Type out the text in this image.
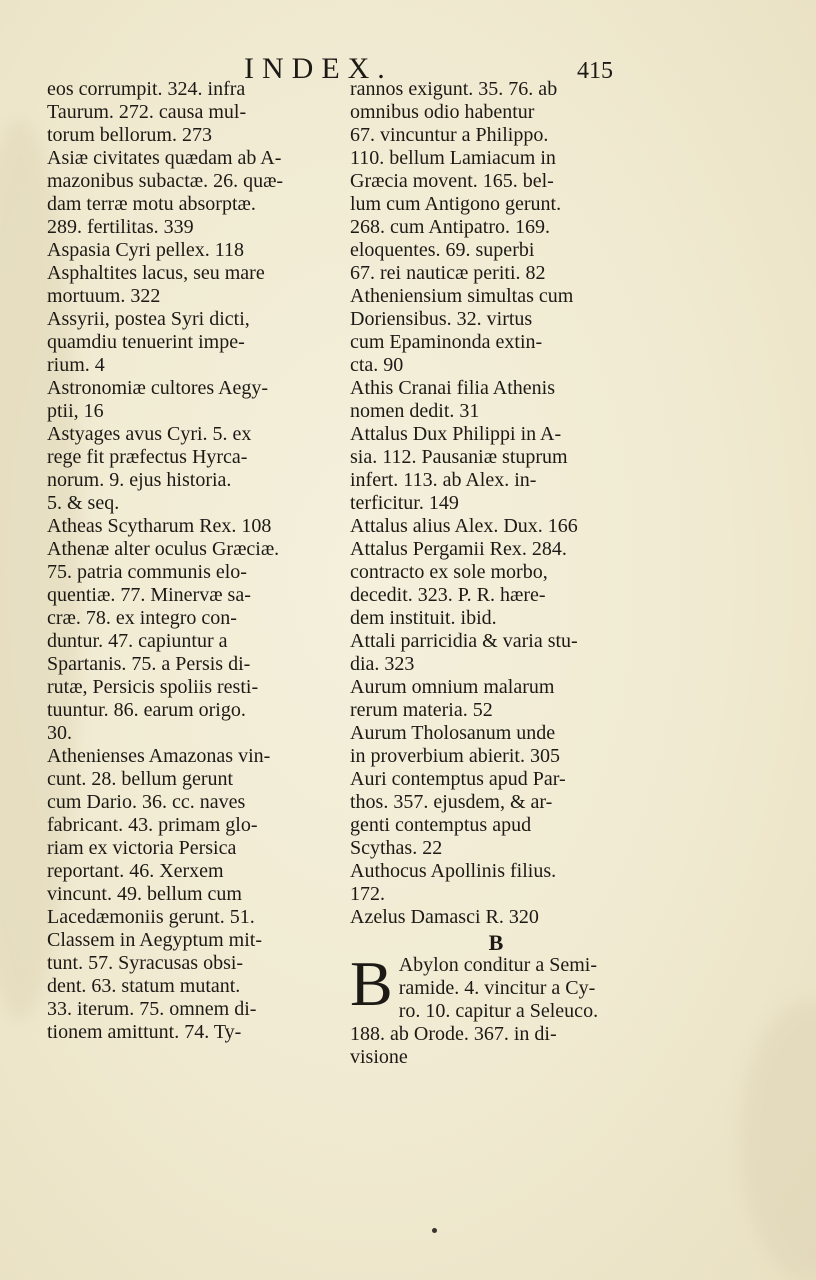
INDEX.	415
eos corrumpit. 324. infra
Taurum. 272. causa mul-
torum bellorum. 273
Asiæ civitates quædam ab A-
mazonibus subactæ. 26. quæ-
dam terræ motu absorptæ.
289. fertilitas. 339
Aspasia Cyri pellex. 118
Asphaltites lacus, seu mare
mortuum. 322
Assyrii, postea Syri dicti,
quamdiu tenuerint impe-
rium. 4
Astronomiæ cultores Aegy-
ptii, 16
Astyages avus Cyri. 5. ex
rege fit præfectus Hyrca-
norum. 9. ejus historia.
5. & seq.
Atheas Scytharum Rex. 108
Athenæ alter oculus Græciæ.
75. patria communis elo-
quentiæ. 77. Minervæ sa-
cræ. 78. ex integro con-
duntur. 47. capiuntur a
Spartanis. 75. a Persis di-
rutæ, Persicis spoliis resti-
tuuntur. 86. earum origo.
30.
Athenienses Amazonas vin-
cunt. 28. bellum gerunt
cum Dario. 36. cc. naves
fabricant. 43. primam glo-
riam ex victoria Persica
reportant. 46. Xerxem
vincunt. 49. bellum cum
Lacedæmoniis gerunt. 51.
Classem in Aegyptum mit-
tunt. 57. Syracusas obsi-
dent. 63. statum mutant.
33. iterum. 75. omnem di-
tionem amittunt. 74. Ty-
rannos exigunt. 35. 76. ab
omnibus odio habentur
67. vincuntur a Philippo.
110. bellum Lamiacum in
Græcia movent. 165. bel-
lum cum Antigono gerunt.
268. cum Antipatro. 169.
eloquentes. 69. superbi
67. rei nauticæ periti. 82
Atheniensium simultas cum
Doriensibus. 32. virtus
cum Epaminonda extin-
cta. 90
Athis Cranai filia Athenis
nomen dedit. 31
Attalus Dux Philippi in A-
sia. 112. Pausaniæ stuprum
infert. 113. ab Alex. in-
terficitur. 149
Attalus alius Alex. Dux. 166
Attalus Pergamii Rex. 284.
contracto ex sole morbo,
decedit. 323. P. R. hære-
dem instituit. ibid.
Attali parricidia & varia stu-
dia. 323
Aurum omnium malarum
rerum materia. 52
Aurum Tholosanum unde
in proverbium abierit. 305
Auri contemptus apud Par-
thos. 357. ejusdem, & ar-
genti contemptus apud
Scythas. 22
Authocus Apollinis filius.
172.
Azelus Damasci R. 320
B
B Abylon conditur a Semi-
ramide. 4. vincitur a Cy-
ro. 10. capitur a Seleuco.
188. ab Orode. 367. in di-
visione
